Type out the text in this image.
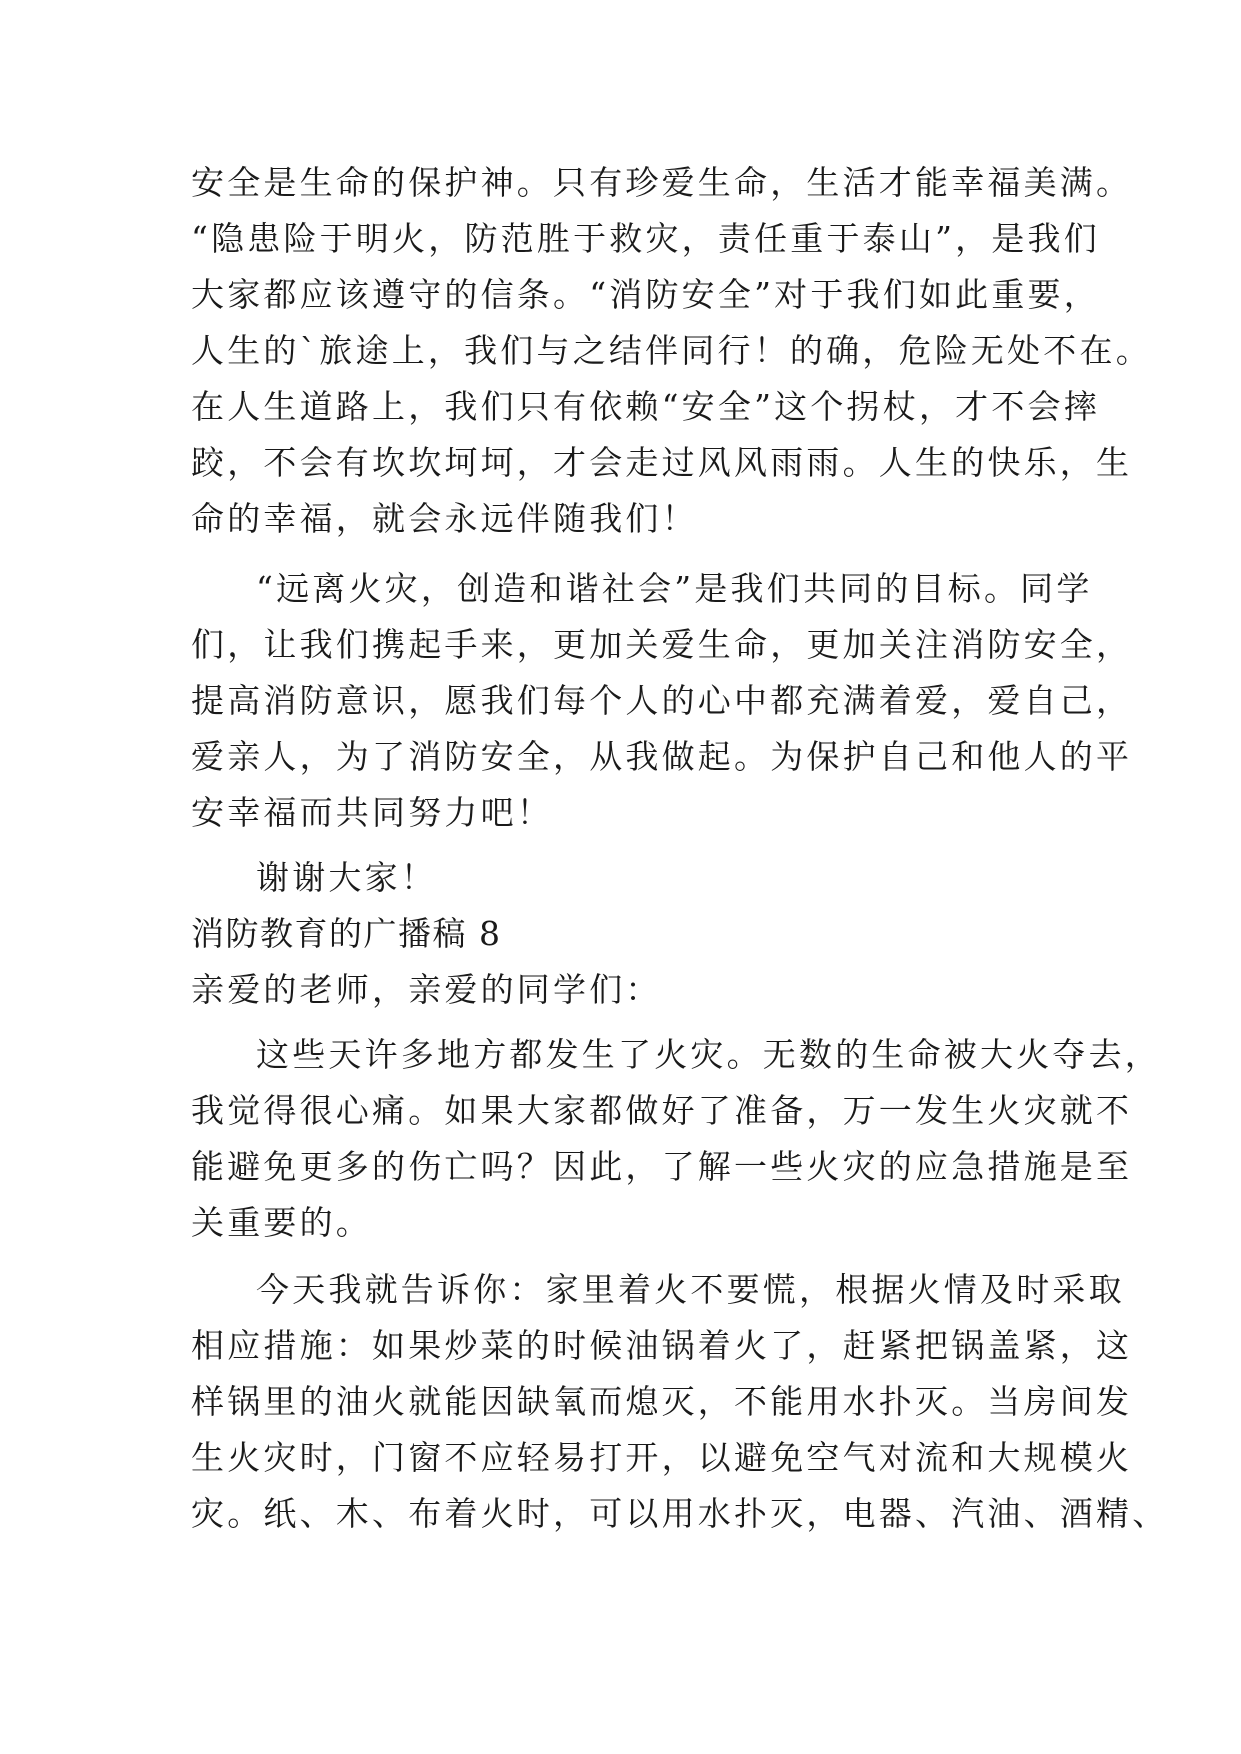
安全是生命的保护神。只有珍爱生命，生活才能幸福美满。

“隐患险于明火，防范胜于救灾，责任重于泰山”，是我们

大家都应该遵守的信条。“消防安全”对于我们如此重要，

人生的`旅途上，我们与之结伴同行！的确，危险无处不在。

在人生道路上，我们只有依赖“安全”这个拐杖，才不会摔

跤，不会有坎坎坷坷，才会走过风风雨雨。人生的快乐，生

命的幸福，就会永远伴随我们！

“远离火灾，创造和谐社会”是我们共同的目标。同学

们，让我们携起手来，更加关爱生命，更加关注消防安全，

提高消防意识，愿我们每个人的心中都充满着爱，爱自己，

爱亲人，为了消防安全，从我做起。为保护自己和他人的平

安幸福而共同努力吧！

谢谢大家！

消防教育的广播稿 8

亲爱的老师，亲爱的同学们：

这些天许多地方都发生了火灾。无数的生命被大火夺去，

我觉得很心痛。如果大家都做好了准备，万一发生火灾就不

能避免更多的伤亡吗？因此，了解一些火灾的应急措施是至

关重要的。

今天我就告诉你：家里着火不要慌，根据火情及时采取

相应措施：如果炒菜的时候油锅着火了，赶紧把锅盖紧，这

样锅里的油火就能因缺氧而熄灭，不能用水扑灭。当房间发

生火灾时，门窗不应轻易打开，以避免空气对流和大规模火

灾。纸、木、布着火时，可以用水扑灭，电器、汽油、酒精、
